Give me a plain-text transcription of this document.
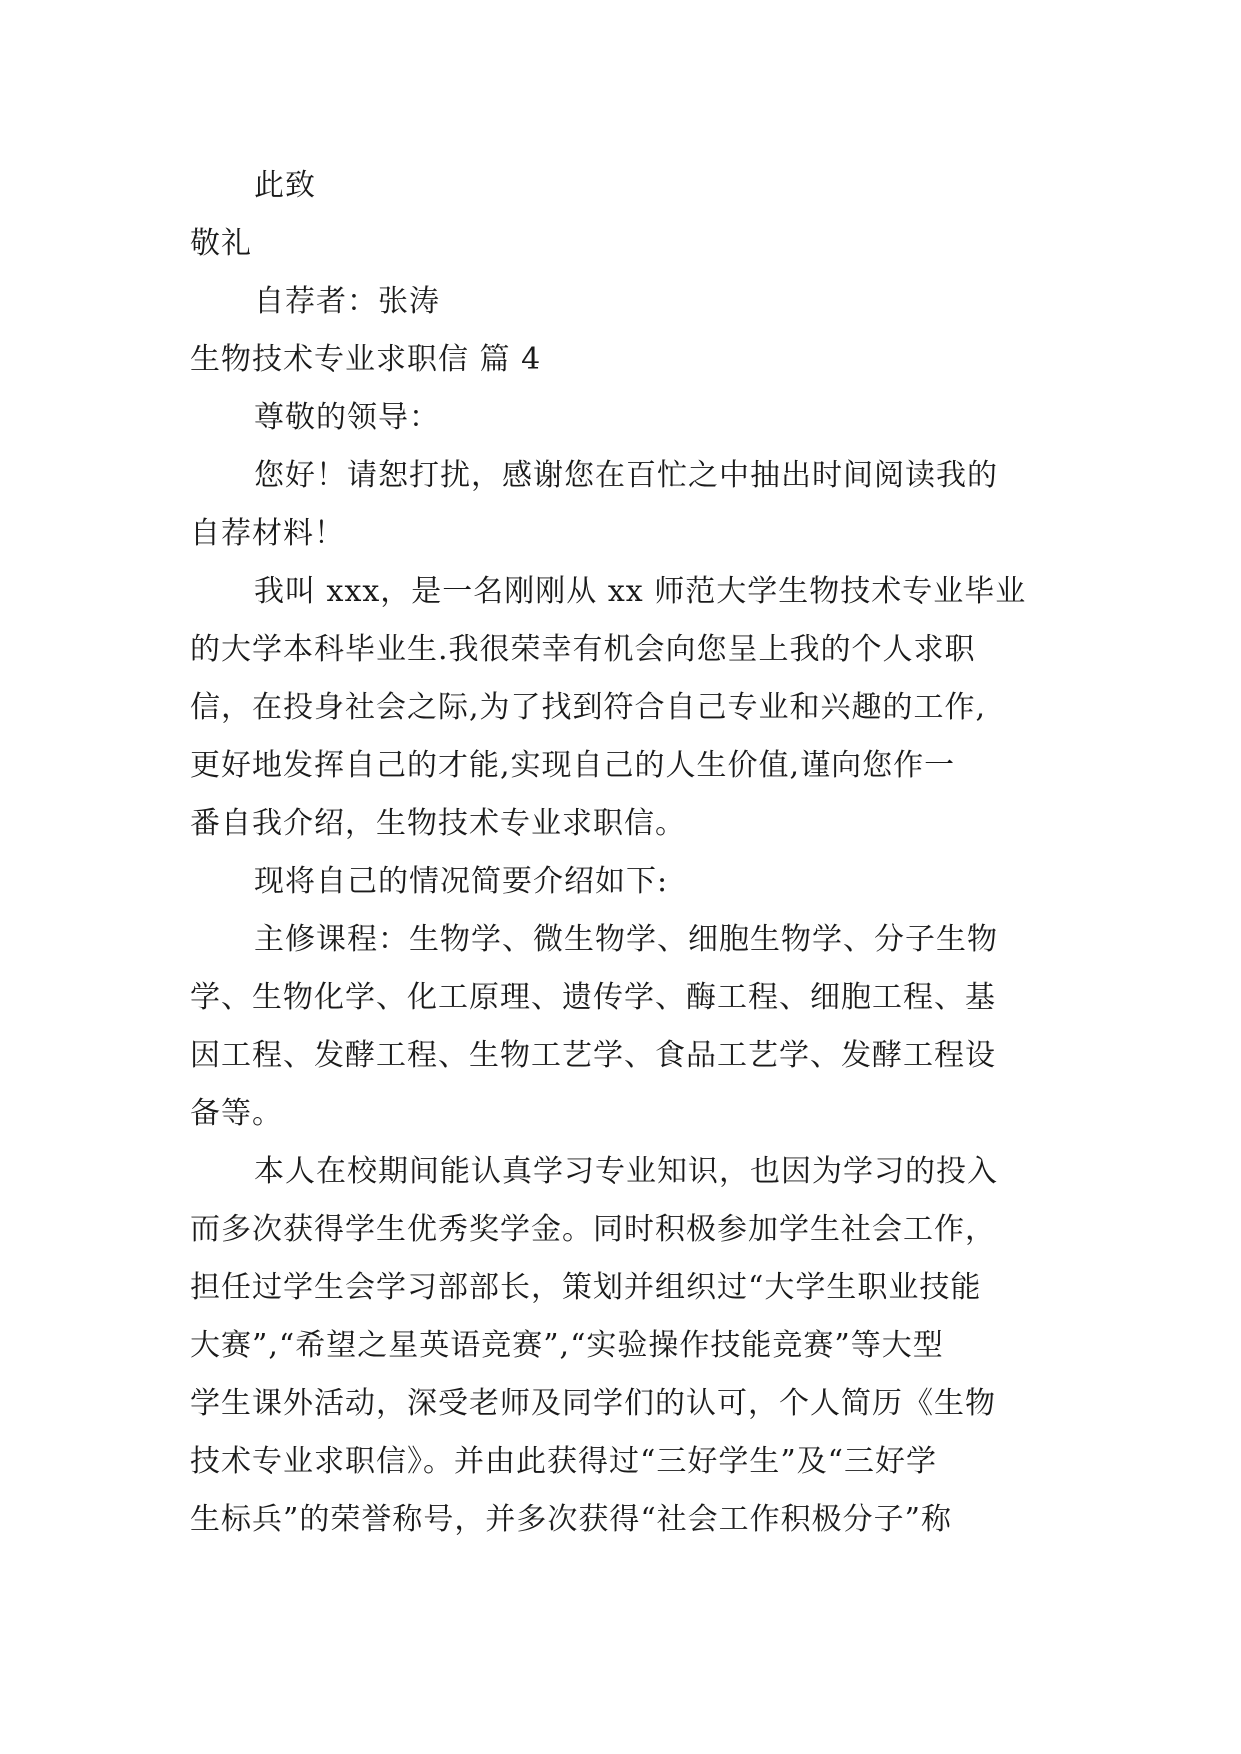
此致
敬礼
自荐者：张涛
生物技术专业求职信 篇 4
尊敬的领导：
您好！请恕打扰，感谢您在百忙之中抽出时间阅读我的
自荐材料！
我叫 xxx，是一名刚刚从 xx 师范大学生物技术专业毕业
的大学本科毕业生.我很荣幸有机会向您呈上我的个人求职
信，在投身社会之际,为了找到符合自己专业和兴趣的工作,
更好地发挥自己的才能,实现自己的人生价值,谨向您作一
番自我介绍，生物技术专业求职信。
现将自己的情况简要介绍如下:
主修课程：生物学、微生物学、细胞生物学、分子生物
学、生物化学、化工原理、遗传学、酶工程、细胞工程、基
因工程、发酵工程、生物工艺学、食品工艺学、发酵工程设
备等。
本人在校期间能认真学习专业知识，也因为学习的投入
而多次获得学生优秀奖学金。同时积极参加学生社会工作，
担任过学生会学习部部长，策划并组织过“大学生职业技能
大赛”,“希望之星英语竞赛”,“实验操作技能竞赛”等大型
学生课外活动，深受老师及同学们的认可，个人简历《生物
技术专业求职信》。并由此获得过“三好学生”及“三好学
生标兵”的荣誉称号，并多次获得“社会工作积极分子”称
